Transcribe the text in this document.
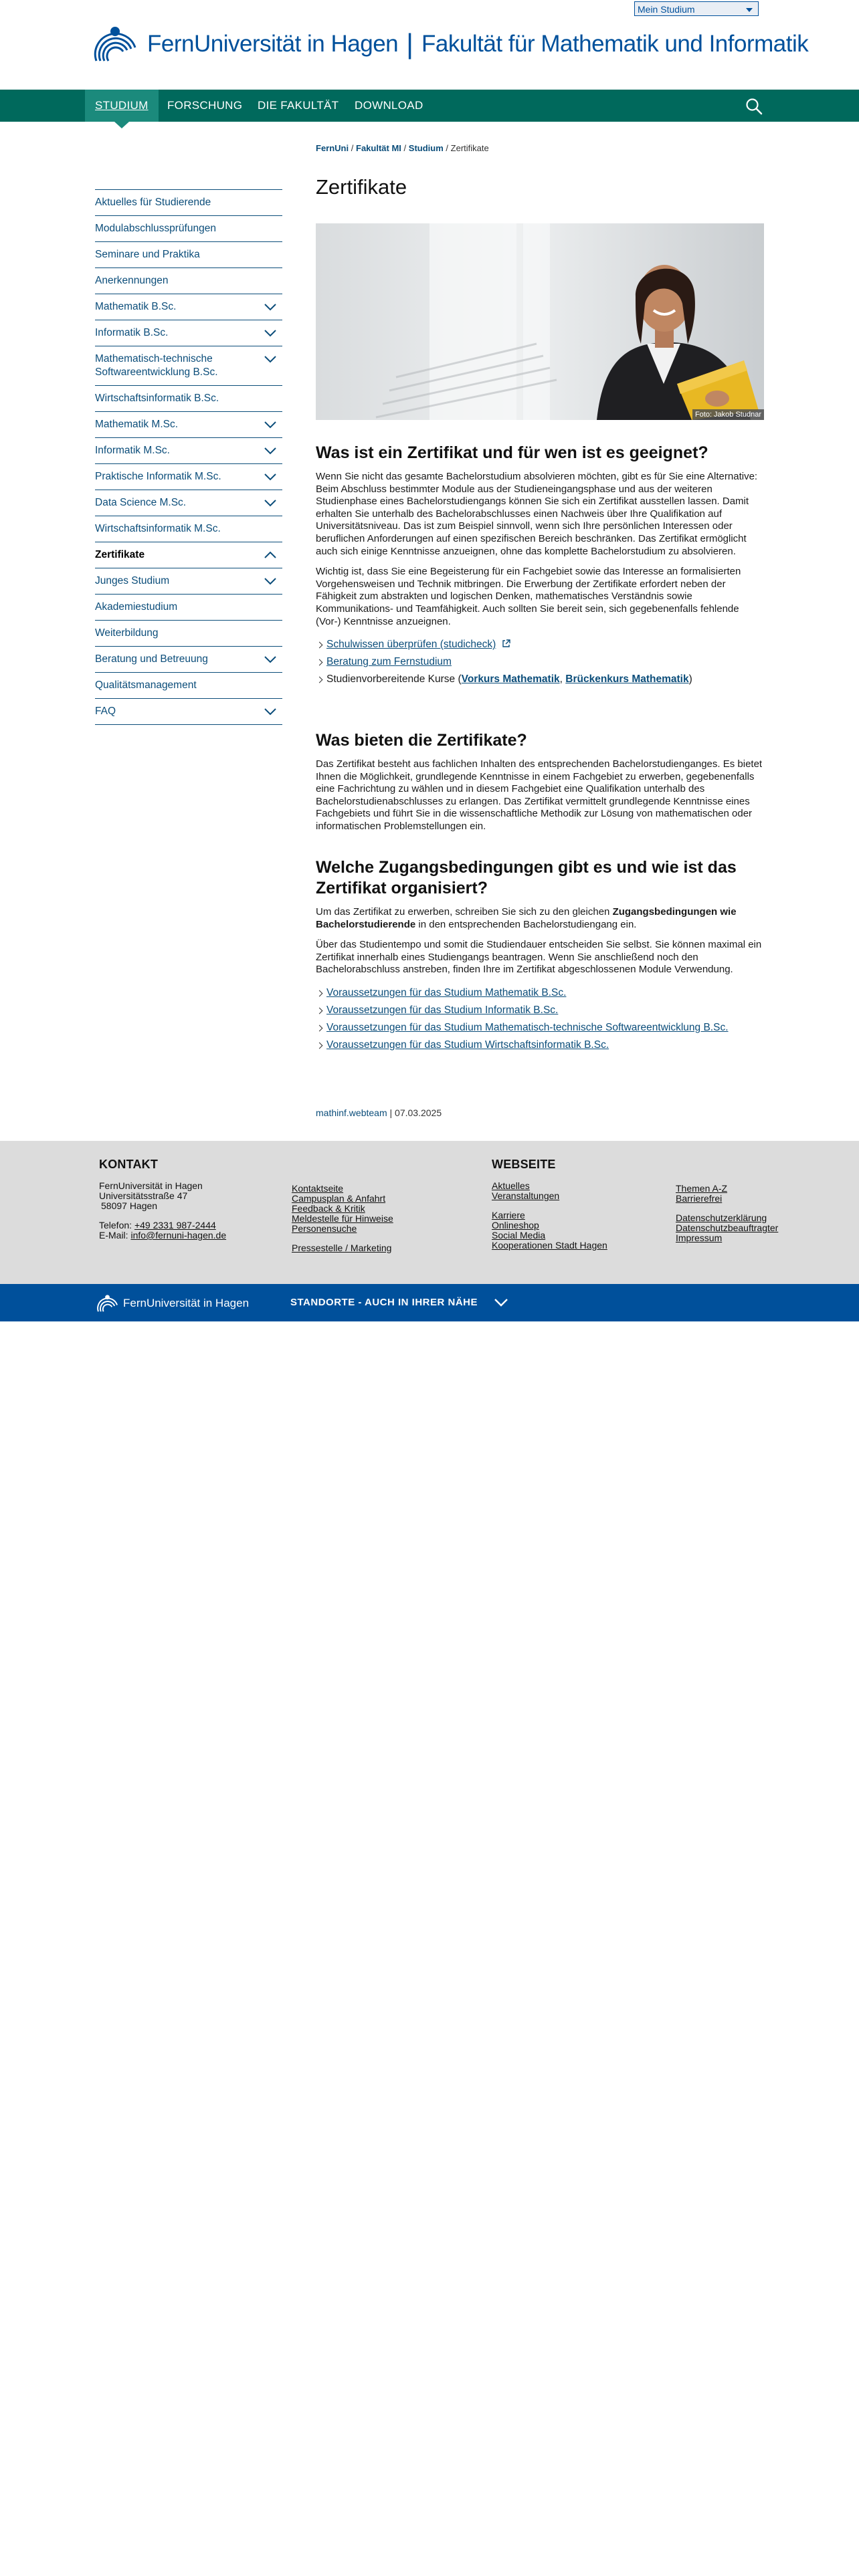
FernUniversität in Hagen | Fakultät für Mathematik und Informatik
Mein Studium
STUDIUM	FORSCHUNG	DIE FAKULTÄT	DOWNLOAD
FernUni / Fakultät MI / Studium / Zertifikate
Aktuelles für Studierende
Modulabschlussprüfungen
Seminare und Praktika
Anerkennungen
Mathematik B.Sc.
Informatik B.Sc.
Mathematisch-technische Softwareentwicklung B.Sc.
Wirtschaftsinformatik B.Sc.
Mathematik M.Sc.
Informatik M.Sc.
Praktische Informatik M.Sc.
Data Science M.Sc.
Wirtschaftsinformatik M.Sc.
Zertifikate
Junges Studium
Akademiestudium
Weiterbildung
Beratung und Betreuung
Qualitätsmanagement
FAQ
Zertifikate
Foto: Jakob Studnar
Was ist ein Zertifikat und für wen ist es geeignet?

Wenn Sie nicht das gesamte Bachelorstudium absolvieren möchten, gibt es für Sie eine Alternative: Beim Abschluss bestimmter Module aus der Studieneingangsphase und aus der weiteren Studienphase eines Bachelorstudiengangs können Sie sich ein Zertifikat ausstellen lassen. Damit erhalten Sie unterhalb des Bachelorabschlusses einen Nachweis über Ihre Qualifikation auf Universitätsniveau. Das ist zum Beispiel sinnvoll, wenn sich Ihre persönlichen Interessen oder beruflichen Anforderungen auf einen spezifischen Bereich beschränken. Das Zertifikat ermöglicht auch sich einige Kenntnisse anzueignen, ohne das komplette Bachelorstudium zu absolvieren.

Wichtig ist, dass Sie eine Begeisterung für ein Fachgebiet sowie das Interesse an formalisierten Vorgehensweisen und Technik mitbringen. Die Erwerbung der Zertifikate erfordert neben der Fähigkeit zum abstrakten und logischen Denken, mathematisches Verständnis sowie Kommunikations- und Teamfähigkeit. Auch sollten Sie bereit sein, sich gegebenenfalls fehlende (Vor-) Kenntnisse anzueignen.

Schulwissen überprüfen (studicheck)
Beratung zum Fernstudium
Studienvorbereitende Kurse (Vorkurs Mathematik, Brückenkurs Mathematik)
Was bieten die Zertifikate?

Das Zertifikat besteht aus fachlichen Inhalten des entsprechenden Bachelorstudienganges. Es bietet Ihnen die Möglichkeit, grundlegende Kenntnisse in einem Fachgebiet zu erwerben, gegebenenfalls eine Fachrichtung zu wählen und in diesem Fachgebiet eine Qualifikation unterhalb des Bachelorstudienabschlusses zu erlangen. Das Zertifikat vermittelt grundlegende Kenntnisse eines Fachgebiets und führt Sie in die wissenschaftliche Methodik zur Lösung von mathematischen oder informatischen Problemstellungen ein.

Welche Zugangsbedingungen gibt es und wie ist das Zertifikat organisiert?

Um das Zertifikat zu erwerben, schreiben Sie sich zu den gleichen Zugangsbedingungen wie Bachelorstudierende in den entsprechenden Bachelorstudiengang ein.

Über das Studientempo und somit die Studiendauer entscheiden Sie selbst. Sie können maximal ein Zertifikat innerhalb eines Studiengangs beantragen. Wenn Sie anschließend noch den Bachelorabschluss anstreben, finden Ihre im Zertifikat abgeschlossenen Module Verwendung.

Voraussetzungen für das Studium Mathematik B.Sc.
Voraussetzungen für das Studium Informatik B.Sc.
Voraussetzungen für das Studium Mathematisch-technische Softwareentwicklung B.Sc.
Voraussetzungen für das Studium Wirtschaftsinformatik B.Sc.
mathinf.webteam | 07.03.2025
KONTAKT
FernUniversität in Hagen
Universitätsstraße 47
58097 Hagen
Telefon: +49 2331 987-2444
E-Mail: info@fernuni-hagen.de
Kontaktseite
Campusplan & Anfahrt
Feedback & Kritik
Meldestelle für Hinweise
Personensuche
Pressestelle / Marketing
WEBSEITE
Aktuelles
Veranstaltungen
Karriere
Onlineshop
Social Media
Kooperationen Stadt Hagen
Themen A-Z
Barrierefrei
Datenschutzerklärung
Datenschutzbeauftragter
Impressum
FernUniversität in Hagen	STANDORTE - AUCH IN IHRER NÄHE
